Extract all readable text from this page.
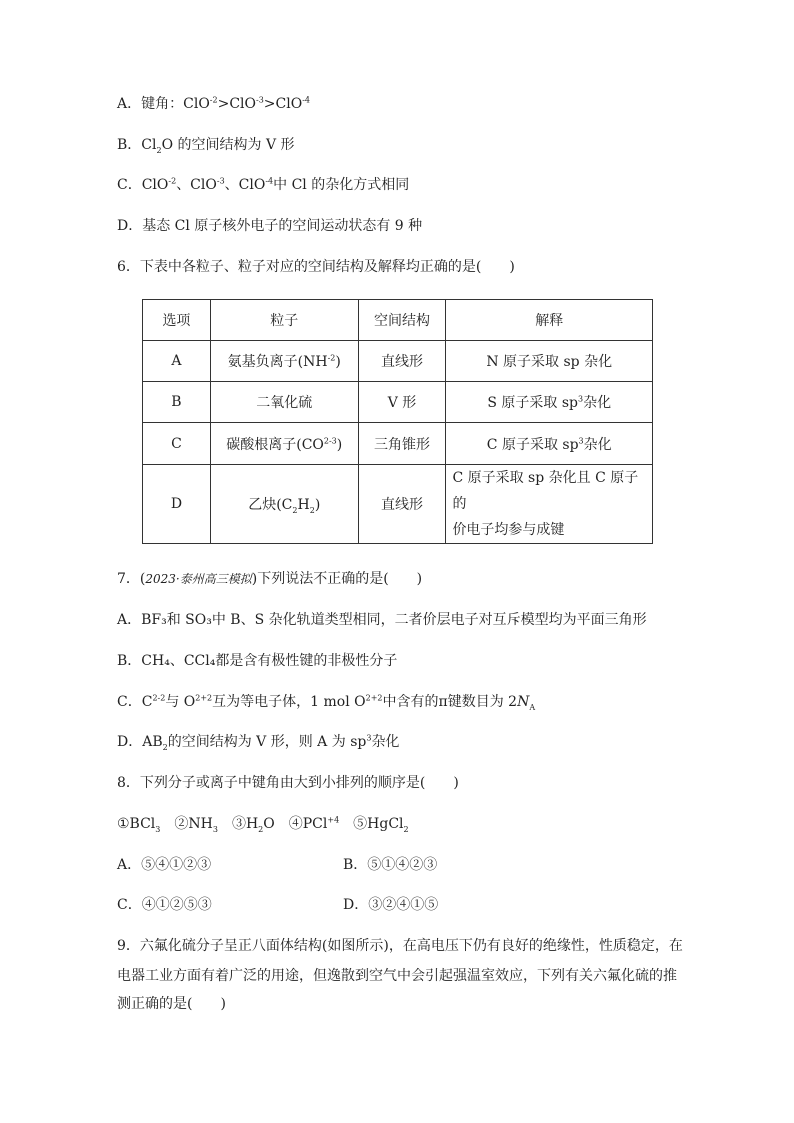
A．键角：ClO$^{-2}$>ClO$^{-3}$>ClO$^{-4}$
B．$Cl_2O$ 的空间结构为 V 形
C．ClO$^{-2}$、ClO$^{-3}$、ClO$^{-4}$中 Cl 的杂化方式相同
D．基态 Cl 原子核外电子的空间运动状态有 9 种
6．下表中各粒子、粒子对应的空间结构及解释均正确的是(　　)
选项	粒子	空间结构	解释
A	氨基负离子$(NH^{-2})$	直线形	N 原子采取 sp 杂化
B	二氧化硫	V 形	S 原子采取 $sp^3$杂化
C	碳酸根离子(CO$^{2-3}$)	三角锥形	C 原子采取 $sp^3$杂化
D	乙炔$(C_2H_2)$	直线形	C 原子采取 sp 杂化且 C 原子的
价电子均参与成键
7．(2023·泰州高三模拟)下列说法不正确的是(　　)
A．BF₃和 SO₃中 B、S 杂化轨道类型相同，二者价层电子对互斥模型均为平面三角形
B．CH₄、CCl₄都是含有极性键的非极性分子
C．$C^{2-2}$与 $O^{2+2}$互为等电子体，1 mol $O^{2+2}$中含有的π键数目为 $2N_A$
D．$AB_2$的空间结构为 V 形，则 A 为 $sp^3$杂化
8．下列分子或离子中键角由大到小排列的顺序是(　　)
①BCl$_3$　$②NH_3$　$③H_2O$　④PCl$^{+4}$　⑤HgCl$_2$
A．⑤④①②③	B．⑤①④②③
C．④①②⑤③	D．③②④①⑤
9．六氟化硫分子呈正八面体结构(如图所示)，在高电压下仍有良好的绝缘性，性质稳定，在
电器工业方面有着广泛的用途，但逸散到空气中会引起强温室效应，下列有关六氟化硫的推
测正确的是(　　)
